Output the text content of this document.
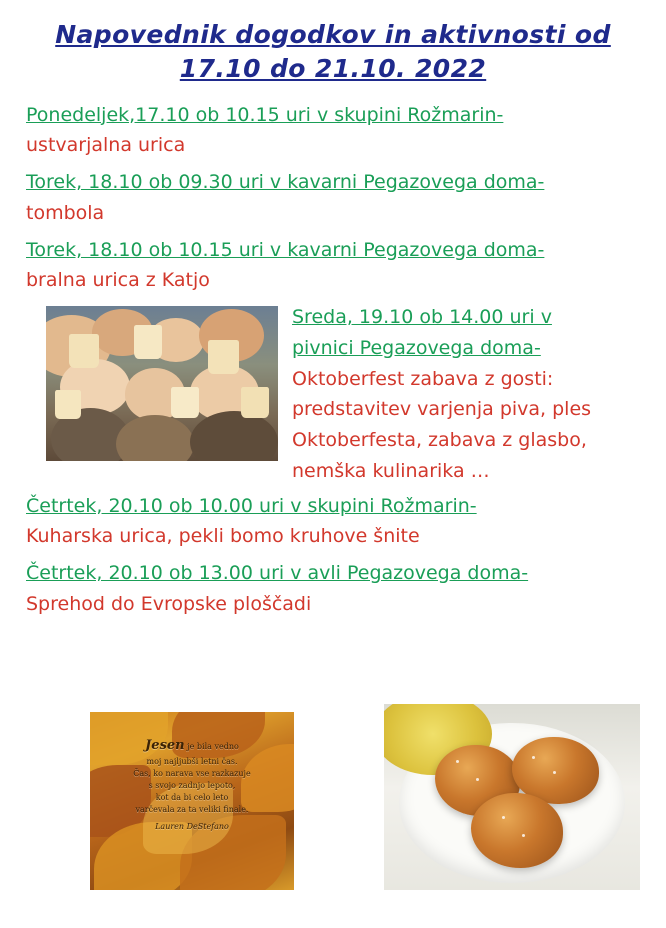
Napovednik dogodkov in aktivnosti od
17.10 do 21.10. 2022
Ponedeljek,17.10 ob 10.15 uri v skupini Rožmarin-
ustvarjalna urica
Torek, 18.10 ob 09.30 uri v kavarni Pegazovega doma-
tombola
Torek, 18.10 ob 10.15 uri v kavarni Pegazovega doma-
bralna urica z Katjo
Sreda, 19.10 ob 14.00 uri v
pivnici Pegazovega doma-
Oktoberfest zabava z gosti:
predstavitev varjenja piva, ples
Oktoberfesta, zabava z glasbo, nemška kulinarika …
Četrtek, 20.10 ob 10.00 uri v skupini Rožmarin-
Kuharska urica, pekli bomo kruhove šnite
Četrtek, 20.10 ob 13.00 uri v avli Pegazovega doma-
Sprehod do Evropske ploščadi
Jesen je bila vedno
moj najljubši letni čas.
Čas, ko narava vse razkazuje
s svojo zadnjo lepoto,
kot da bi celo leto
varčevala za ta veliki finale.
Lauren DeStefano
